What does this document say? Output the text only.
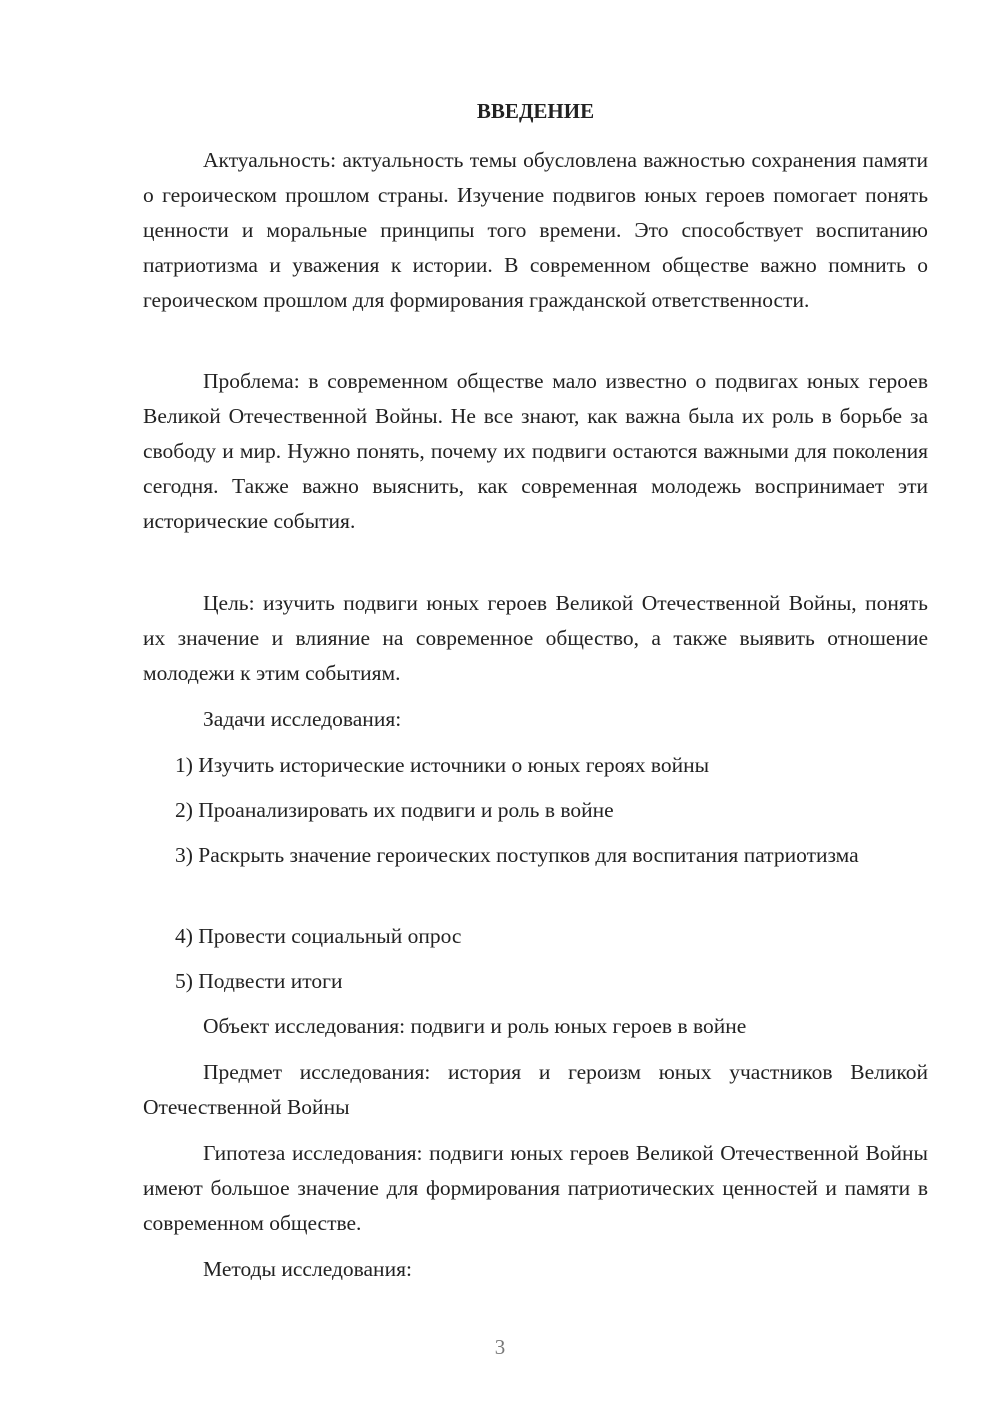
ВВЕДЕНИЕ

Актуальность: актуальность темы обусловлена важностью сохранения памяти о героическом прошлом страны. Изучение подвигов юных героев помогает понять ценности и моральные принципы того времени. Это способствует воспитанию патриотизма и уважения к истории. В современном обществе важно помнить о героическом прошлом для формирования гражданской ответственности.

Проблема: в современном обществе мало известно о подвигах юных героев Великой Отечественной Войны. Не все знают, как важна была их роль в борьбе за свободу и мир. Нужно понять, почему их подвиги остаются важными для поколения сегодня. Также важно выяснить, как современная молодежь воспринимает эти исторические события.

Цель: изучить подвиги юных героев Великой Отечественной Войны, понять их значение и влияние на современное общество, а также выявить отношение молодежи к этим событиям.

Задачи исследования:

1) Изучить исторические источники о юных героях войны

2) Проанализировать их подвиги и роль в войне

3) Раскрыть значение героических поступков для воспитания патриотизма

4) Провести социальный опрос

5) Подвести итоги

Объект исследования: подвиги и роль юных героев в войне

Предмет исследования: история и героизм юных участников Великой Отечественной Войны

Гипотеза исследования: подвиги юных героев Великой Отечественной Войны имеют большое значение для формирования патриотических ценностей и памяти в современном обществе.

Методы исследования:

3
